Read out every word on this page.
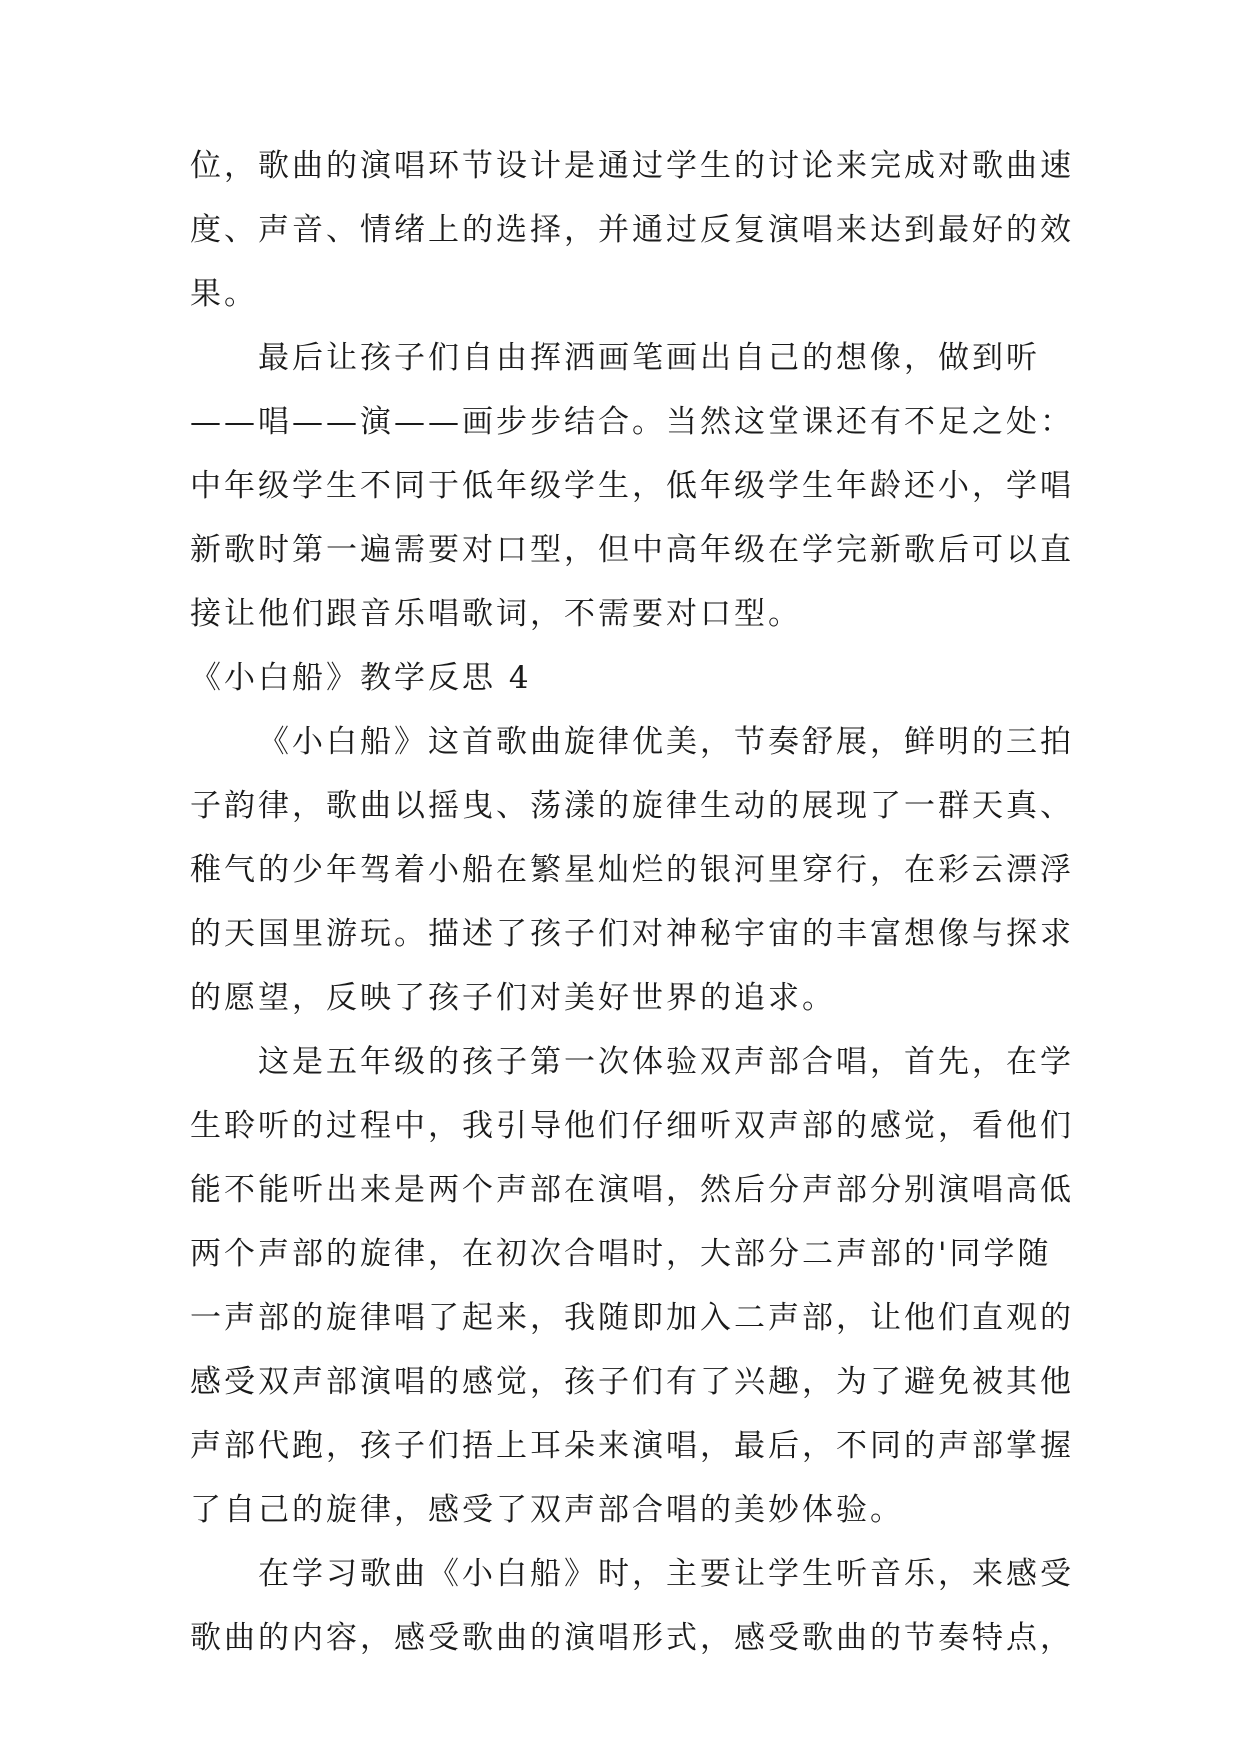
位，歌曲的演唱环节设计是通过学生的讨论来完成对歌曲速
度、声音、情绪上的选择，并通过反复演唱来达到最好的效
果。
最后让孩子们自由挥洒画笔画出自己的想像，做到听
——唱——演——画步步结合。当然这堂课还有不足之处：
中年级学生不同于低年级学生，低年级学生年龄还小，学唱
新歌时第一遍需要对口型，但中高年级在学完新歌后可以直
接让他们跟音乐唱歌词，不需要对口型。
《小白船》教学反思 4
《小白船》这首歌曲旋律优美，节奏舒展，鲜明的三拍
子韵律，歌曲以摇曳、荡漾的旋律生动的展现了一群天真、
稚气的少年驾着小船在繁星灿烂的银河里穿行，在彩云漂浮
的天国里游玩。描述了孩子们对神秘宇宙的丰富想像与探求
的愿望，反映了孩子们对美好世界的追求。
这是五年级的孩子第一次体验双声部合唱，首先，在学
生聆听的过程中，我引导他们仔细听双声部的感觉，看他们
能不能听出来是两个声部在演唱，然后分声部分别演唱高低
两个声部的旋律，在初次合唱时，大部分二声部的'同学随
一声部的旋律唱了起来，我随即加入二声部，让他们直观的
感受双声部演唱的感觉，孩子们有了兴趣，为了避免被其他
声部代跑，孩子们捂上耳朵来演唱，最后，不同的声部掌握
了自己的旋律，感受了双声部合唱的美妙体验。
在学习歌曲《小白船》时，主要让学生听音乐，来感受
歌曲的内容，感受歌曲的演唱形式，感受歌曲的节奏特点，
